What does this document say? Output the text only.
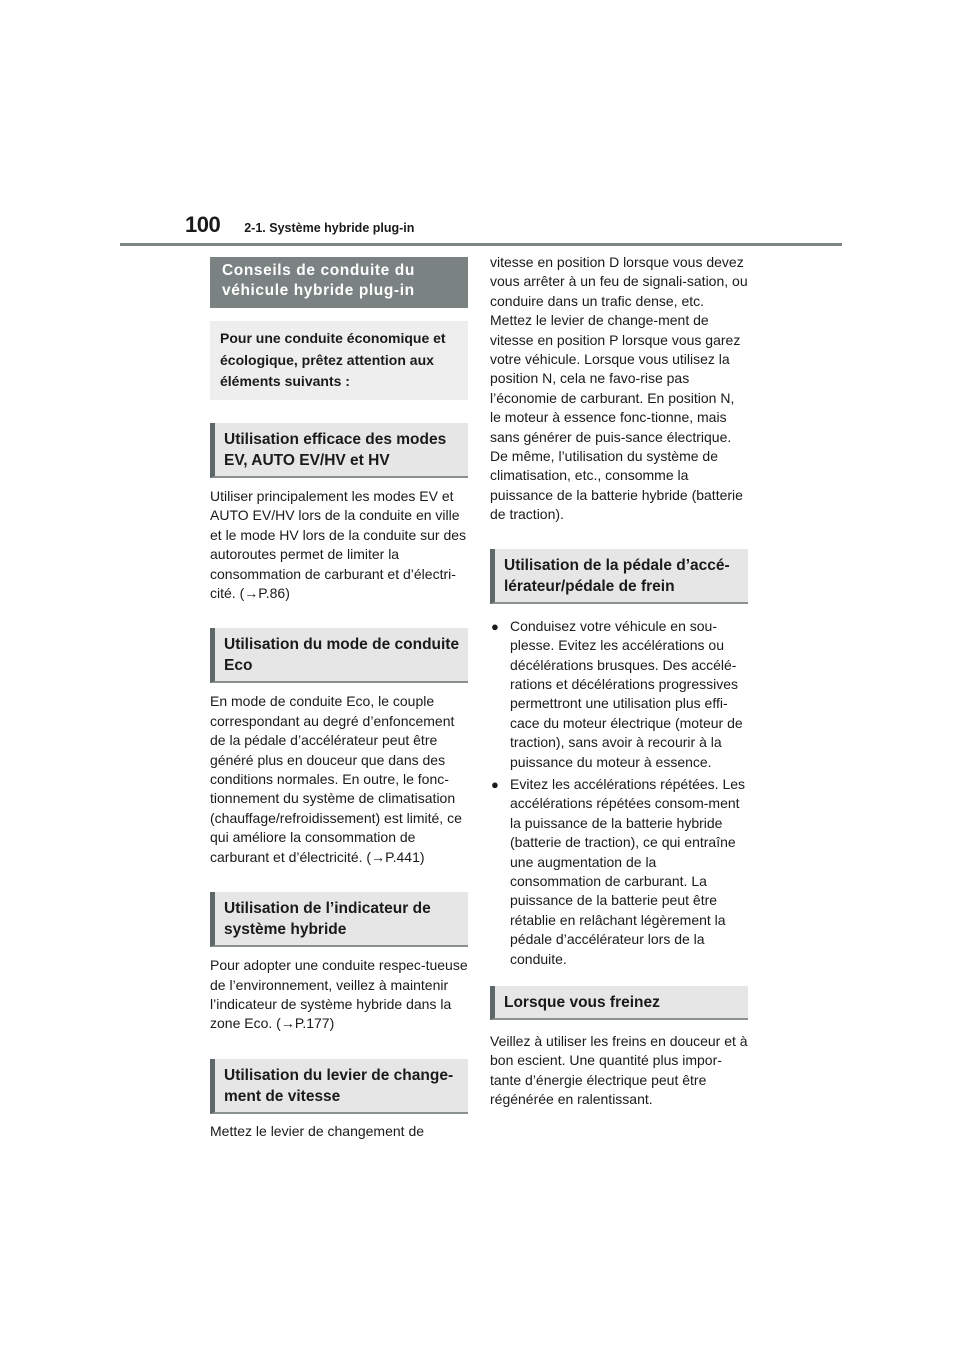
100 2-1. Système hybride plug-in
Conseils de conduite du véhicule hybride plug-in
Pour une conduite économique et écologique, prêtez attention aux éléments suivants :
Utilisation efficace des modes EV, AUTO EV/HV et HV

Utiliser principalement les modes EV et AUTO EV/HV lors de la conduite en ville et le mode HV lors de la conduite sur des autoroutes permet de limiter la consommation de carburant et d’électri-cité. (→P.86)

Utilisation du mode de conduite Eco

En mode de conduite Eco, le couple correspondant au degré d’enfoncement de la pédale d’accélérateur peut être généré plus en douceur que dans des conditions normales. En outre, le fonc-tionnement du système de climatisation (chauffage/refroidissement) est limité, ce qui améliore la consommation de carburant et d’électricité. (→P.441)

Utilisation de l’indicateur de système hybride

Pour adopter une conduite respec-tueuse de l’environnement, veillez à maintenir l’indicateur de système hybride dans la zone Eco. (→P.177)

Utilisation du levier de change-ment de vitesse

Mettez le levier de changement de

vitesse en position D lorsque vous devez vous arrêter à un feu de signali-sation, ou conduire dans un trafic dense, etc. Mettez le levier de change-ment de vitesse en position P lorsque vous garez votre véhicule. Lorsque vous utilisez la position N, cela ne favo-rise pas l’économie de carburant. En position N, le moteur à essence fonc-tionne, mais sans générer de puis-sance électrique. De même, l’utilisation du système de climatisation, etc., consomme la puissance de la batterie hybride (batterie de traction).

Utilisation de la pédale d’accé-lérateur/pédale de frein
● Conduisez votre véhicule en sou-plesse. Evitez les accélérations ou décélérations brusques. Des accélé-rations et décélérations progressives permettront une utilisation plus effi-cace du moteur électrique (moteur de traction), sans avoir à recourir à la puissance du moteur à essence.
● Evitez les accélérations répétées. Les accélérations répétées consom-ment la puissance de la batterie hybride (batterie de traction), ce qui entraîne une augmentation de la consommation de carburant. La puissance de la batterie peut être rétablie en relâchant légèrement la pédale d’accélérateur lors de la conduite.
Lorsque vous freinez

Veillez à utiliser les freins en douceur et à bon escient. Une quantité plus impor-tante d’énergie électrique peut être régénérée en ralentissant.
